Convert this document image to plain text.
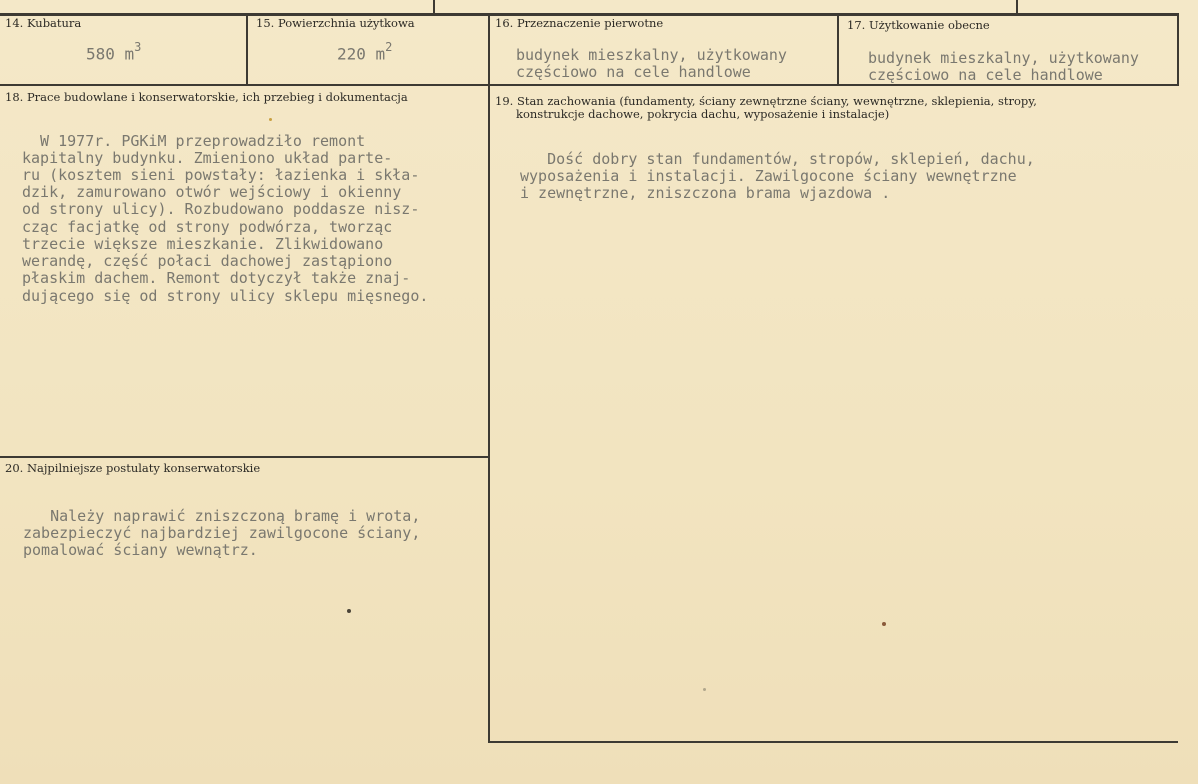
14. Kubatura
580 $m^3$
15. Powierzchnia użytkowa
220 $m^2$
16. Przeznaczenie pierwotne
budynek mieszkalny, użytkowany
częściowo na cele handlowe
17. Użytkowanie obecne
budynek mieszkalny, użytkowany
częściowo na cele handlowe
18. Prace budowlane i konserwatorskie, ich przebieg i dokumentacja
W 1977r. PGKiM przeprowadziło remont
kapitalny budynku. Zmieniono układ parte-
ru (kosztem sieni powstały: łazienka i skła-
dzik, zamurowano otwór wejściowy i okienny
od strony ulicy). Rozbudowano poddasze nisz-
cząc facjatkę od strony podwórza, tworząc
trzecie większe mieszkanie. Zlikwidowano
werandę, część połaci dachowej zastąpiono
płaskim dachem. Remont dotyczył także znaj-
dującego się od strony ulicy sklepu mięsnego.
19. Stan zachowania (fundamenty, ściany zewnętrzne ściany, wewnętrzne, sklepienia, stropy,
konstrukcje dachowe, pokrycia dachu, wyposażenie i instalacje)
Dość dobry stan fundamentów, stropów, sklepień, dachu,
wyposażenia i instalacji. Zawilgocone ściany wewnętrzne
i zewnętrzne, zniszczona brama wjazdowa .
20. Najpilniejsze postulaty konserwatorskie
Należy naprawić zniszczoną bramę i wrota,
zabezpieczyć najbardziej zawilgocone ściany,
pomalować ściany wewnątrz.
